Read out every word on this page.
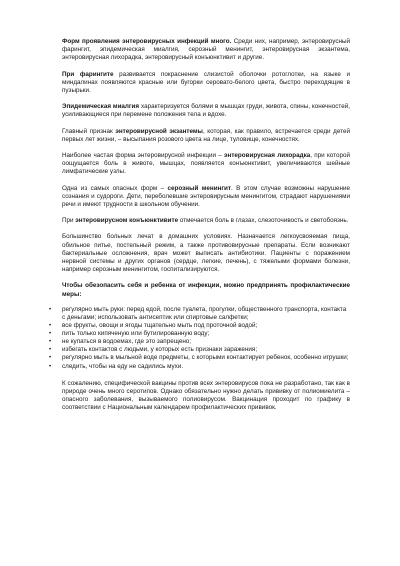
Форм проявления энтеровирусных инфекций много. Среди них, например, энтеровирусный фарингит, эпидемическая миалгия, серозный менингит, энтеровирусная экзантема, энтеровирусная лихорадка, энтеровирусный конъюнктивит и другие.

При фарингите развивается покраснение слизистой оболочки ротоглотки, на языке и миндалинах появляются красные или бугорки серовато-белого цвета, быстро переходящие в пузырьки.

Эпидемическая миалгия характеризуется болями в мышцах груди, живота, спины, конечностей, усиливающиеся при перемене положения тела и вдохе.

Главный признак энтеровирусной экзантемы, которая, как правило, встречается среди детей первых лет жизни, – высыпания розового цвета на лице, туловище, конечностях.

Наиболее частая форма энтеровирусной инфекции – энтеровирусная лихорадка, при которой оощущается боль в животе, мышцах, появляется конъюнктивит, увеличиваются шейные лимфатические узлы.

Одна из самых опасных форм – серозный менингит. В этом случае возможны нарушение сознания и судороги. Дети, переболевшие энтеровирусным менингитом, страдают нарушениями речи и имеют трудности в школьном обучении.

При энтеровирусном конъюнктивите отмечается боль в глазах, слезоточивость и светобоязнь.

Большинство больных лечат в домашних условиях. Назначается легкоусвояемая пища, обильное питье, постельный режим, а также противовирусные препараты. Если возникают бактериальные осложнения, врач может выписать антибиотики. Пациенты с поражением нервной системы и других органов (сердце, легкие, печень), с тяжелыми формами болезни, например серозным менингитом, госпитализируются.

Чтобы обезопасить себя и ребенка от инфекции, можно предпринять профилактические меры:

• регулярно мыть руки: перед едой, после туалета, прогулки, общественного транспорта, контакта с деньгами; использовать антисептик или спиртовые салфетки;
• все фрукты, овощи и ягоды тщательно мыть под проточной водой;
• пить только кипяченую или бутилированную воду;
• не купаться в водоемах, где это запрещено;
• избегать контактов с людьми, у которых есть признаки заражения;
• регулярно мыть в мыльной воде предметы, с которыми контактирует ребенок, особенно игрушки;
• следить, чтобы на еду не садились мухи.

К сожалению, специфической вакцины против всех энтеровирусов пока не разработано, так как в природе очень много серотипов. Однако обязательно нужно делать прививку от полиомиелита – опасного заболевания, вызываемого полиовирусом. Вакцинация проходит по графику в соответствии с Национальным календарем профилактических прививок.
